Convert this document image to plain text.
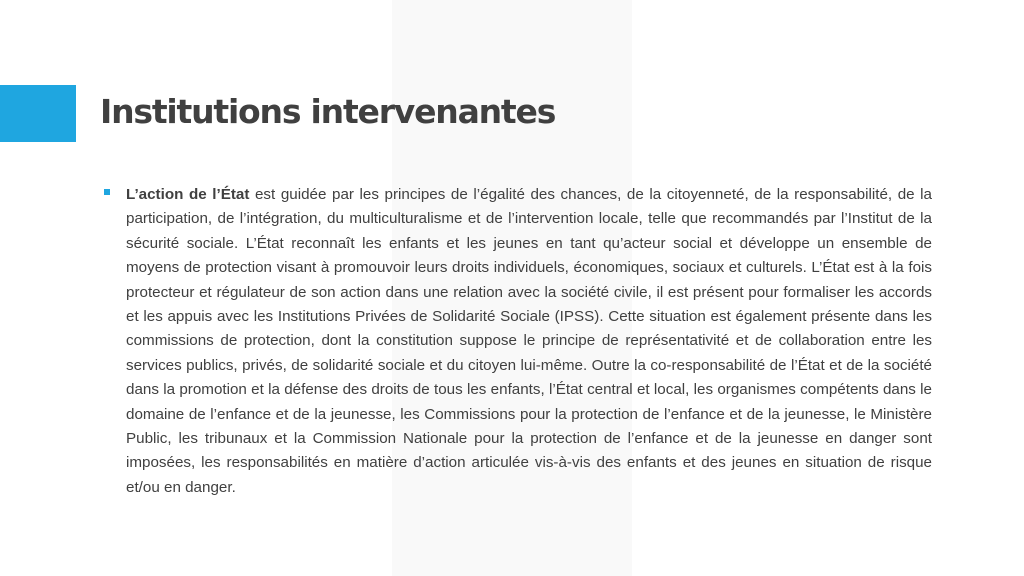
Institutions intervenantes

L’action de l’État est guidée par les principes de l’égalité des chances, de la citoyenneté, de la responsabilité, de la participation, de l’intégration, du multiculturalisme et de l’intervention locale, telle que recommandés par l’Institut de la sécurité sociale. L’État reconnaît les enfants et les jeunes en tant qu’acteur social et développe un ensemble de moyens de protection visant à promouvoir leurs droits individuels, économiques, sociaux et culturels. L’État est à la fois protecteur et régulateur de son action dans une relation avec la société civile, il est présent pour formaliser les accords et les appuis avec les Institutions Privées de Solidarité Sociale (IPSS). Cette situation est également présente dans les commissions de protection, dont la constitution suppose le principe de représentativité et de collaboration entre les services publics, privés, de solidarité sociale et du citoyen lui-même. Outre la co-responsabilité de l’État et de la société dans la promotion et la défense des droits de tous les enfants, l’État central et local, les organismes compétents dans le domaine de l’enfance et de la jeunesse, les Commissions pour la protection de l’enfance et de la jeunesse, le Ministère Public, les tribunaux et la Commission Nationale pour la protection de l’enfance et de la jeunesse en danger sont imposées, les responsabilités en matière d’action articulée vis-à-vis des enfants et des jeunes en situation de risque et/ou en danger.
